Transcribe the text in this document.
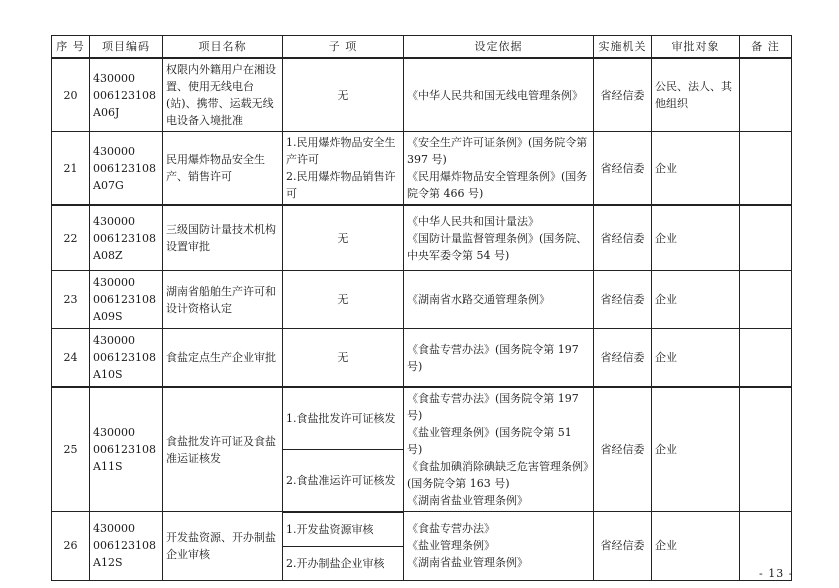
序 号	项目编码	项目名称	子 项	设定依据	实施机关	审批对象	备 注
20	430000
006123108
A06J	权限内外籍用户在湘设置、使用无线电台(站)、携带、运载无线电设备入境批准	无	《中华人民共和国无线电管理条例》	省经信委	公民、法人、其他组织	
21	430000
006123108
A07G	民用爆炸物品安全生产、销售许可	1.民用爆炸物品安全生产许可
2.民用爆炸物品销售许可	《安全生产许可证条例》(国务院令第 397 号)
《民用爆炸物品安全管理条例》(国务院令第 466 号)	省经信委	企业	
22	430000
006123108
A08Z	三级国防计量技术机构设置审批	无	《中华人民共和国计量法》
《国防计量监督管理条例》(国务院、中央军委令第 54 号)	省经信委	企业	
23	430000
006123108
A09S	湖南省船舶生产许可和设计资格认定	无	《湖南省水路交通管理条例》	省经信委	企业	
24	430000
006123108
A10S	食盐定点生产企业审批	无	《食盐专营办法》(国务院令第 197 号)	省经信委	企业	
25	430000
006123108
A11S	食盐批发许可证及食盐准运证核发	1.食盐批发许可证核发	《食盐专营办法》(国务院令第 197 号)
《盐业管理条例》(国务院令第 51 号)
《食盐加碘消除碘缺乏危害管理条例》(国务院令第 163 号)
《湖南省盐业管理条例》	省经信委	企业	
			2.食盐准运许可证核发				
26	430000
006123108
A12S	开发盐资源、开办制盐企业审核	1.开发盐资源审核	《食盐专营办法》
《盐业管理条例》
《湖南省盐业管理条例》	省经信委	企业	
			2.开办制盐企业审核				
- 13 -
